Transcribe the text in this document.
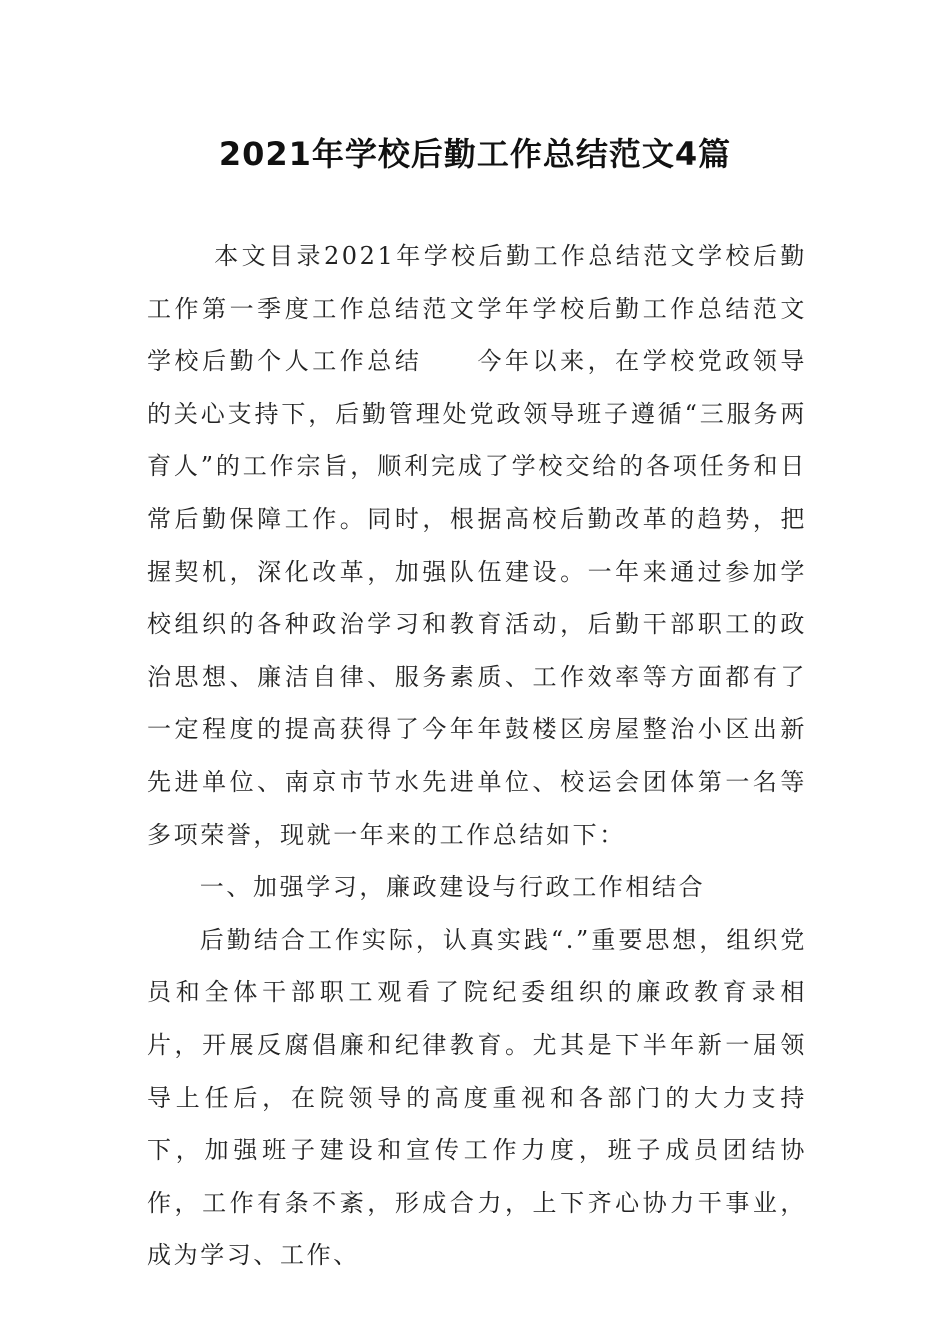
2021年学校后勤工作总结范文4篇

本文目录2021年学校后勤工作总结范文学校后勤工作第一季度工作总结范文学年学校后勤工作总结范文学校后勤个人工作总结　　今年以来，在学校党政领导的关心支持下，后勤管理处党政领导班子遵循“三服务两育人”的工作宗旨，顺利完成了学校交给的各项任务和日常后勤保障工作。同时，根据高校后勤改革的趋势，把握契机，深化改革，加强队伍建设。一年来通过参加学校组织的各种政治学习和教育活动，后勤干部职工的政治思想、廉洁自律、服务素质、工作效率等方面都有了一定程度的提高获得了今年年鼓楼区房屋整治小区出新先进单位、南京市节水先进单位、校运会团体第一名等多项荣誉，现就一年来的工作总结如下：

一、加强学习，廉政建设与行政工作相结合

后勤结合工作实际，认真实践“.”重要思想，组织党员和全体干部职工观看了院纪委组织的廉政教育录相片，开展反腐倡廉和纪律教育。尤其是下半年新一届领导上任后，在院领导的高度重视和各部门的大力支持下，加强班子建设和宣传工作力度，班子成员团结协作，工作有条不紊，形成合力，上下齐心协力干事业，成为学习、工作、
